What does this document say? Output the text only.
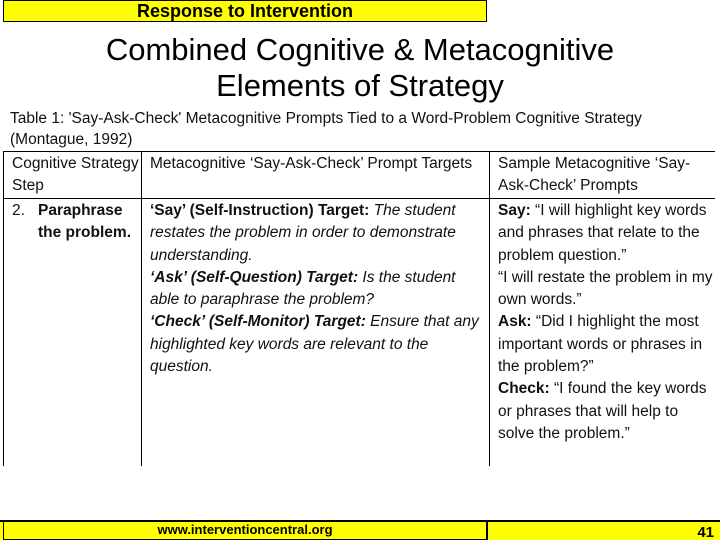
Response to Intervention
Combined Cognitive & Metacognitive
Elements of Strategy
Table 1: 'Say-Ask-Check' Metacognitive Prompts Tied to a Word-Problem Cognitive Strategy (Montague, 1992)
Cognitive Strategy Step
Metacognitive ‘Say-Ask-Check’ Prompt Targets	Sample Metacognitive ‘Say-Ask-Check’ Prompts
2. Paraphrase the problem.
‘Say’ (Self-Instruction) Target: The student restates the problem in order to demonstrate understanding.
‘Ask’ (Self-Question) Target: Is the student able to paraphrase the problem?
‘Check’ (Self-Monitor) Target: Ensure that any highlighted key words are relevant to the question.
Say: “I will highlight key words and phrases that relate to the problem question.”
“I will restate the problem in my own words.”
Ask: “Did I highlight the most important words or phrases in the problem?”
Check: “I found the key words or phrases that will help to solve the problem.”
www.interventioncentral.org	41
